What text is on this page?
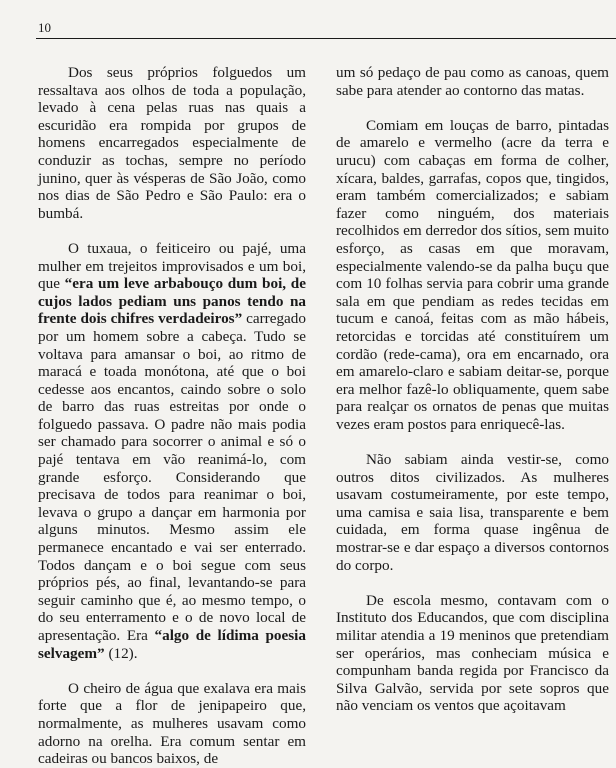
10

Dos seus próprios folguedos um ressaltava aos olhos de toda a população, levado à cena pelas ruas nas quais a escuridão era rompida por grupos de homens encarregados especialmente de conduzir as tochas, sempre no período junino, quer às vésperas de São João, como nos dias de São Pedro e São Paulo: era o bumbá.

O tuxaua, o feiticeiro ou pajé, uma mulher em trejeitos improvisados e um boi, que “era um leve arbabouço dum boi, de cujos lados pediam uns panos tendo na frente dois chifres verdadeiros” carregado por um homem sobre a cabeça. Tudo se voltava para amansar o boi, ao ritmo de maracá e toada monótona, até que o boi cedesse aos encantos, caindo sobre o solo de barro das ruas estreitas por onde o folguedo passava. O padre não mais podia ser chamado para socorrer o animal e só o pajé tentava em vão reanimá-lo, com grande esforço. Considerando que precisava de todos para reanimar o boi, levava o grupo a dançar em harmonia por alguns minutos. Mesmo assim ele permanece encantado e vai ser enterrado. Todos dançam e o boi segue com seus próprios pés, ao final, levantando-se para seguir caminho que é, ao mesmo tempo, o do seu enterramento e o de novo local de apresentação. Era “algo de lídima poesia selvagem” (12).

O cheiro de água que exalava era mais forte que a flor de jenipapeiro que, normalmente, as mulheres usavam como adorno na orelha. Era comum sentar em cadeiras ou bancos baixos, de

um só pedaço de pau como as canoas, quem sabe para atender ao contorno das matas.

Comiam em louças de barro, pintadas de amarelo e vermelho (acre da terra e urucu) com cabaças em forma de colher, xícara, baldes, garrafas, copos que, tingidos, eram também comercializados; e sabiam fazer como ninguém, dos materiais recolhidos em derredor dos sítios, sem muito esforço, as casas em que moravam, especialmente valendo-se da palha buçu que com 10 folhas servia para cobrir uma grande sala em que pendiam as redes tecidas em tucum e canoá, feitas com as mão hábeis, retorcidas e torcidas até constituírem um cordão (rede-cama), ora em encarnado, ora em amarelo-claro e sabiam deitar-se, porque era melhor fazê-lo obliquamente, quem sabe para realçar os ornatos de penas que muitas vezes eram postos para enriquecê-las.

Não sabiam ainda vestir-se, como outros ditos civilizados. As mulheres usavam costumeiramente, por este tempo, uma camisa e saia lisa, transparente e bem cuidada, em forma quase ingênua de mostrar-se e dar espaço a diversos contornos do corpo.

De escola mesmo, contavam com o Instituto dos Educandos, que com disciplina militar atendia a 19 meninos que pretendiam ser operários, mas conheciam música e compunham banda regida por Francisco da Silva Galvão, servida por sete sopros que não venciam os ventos que açoitavam
